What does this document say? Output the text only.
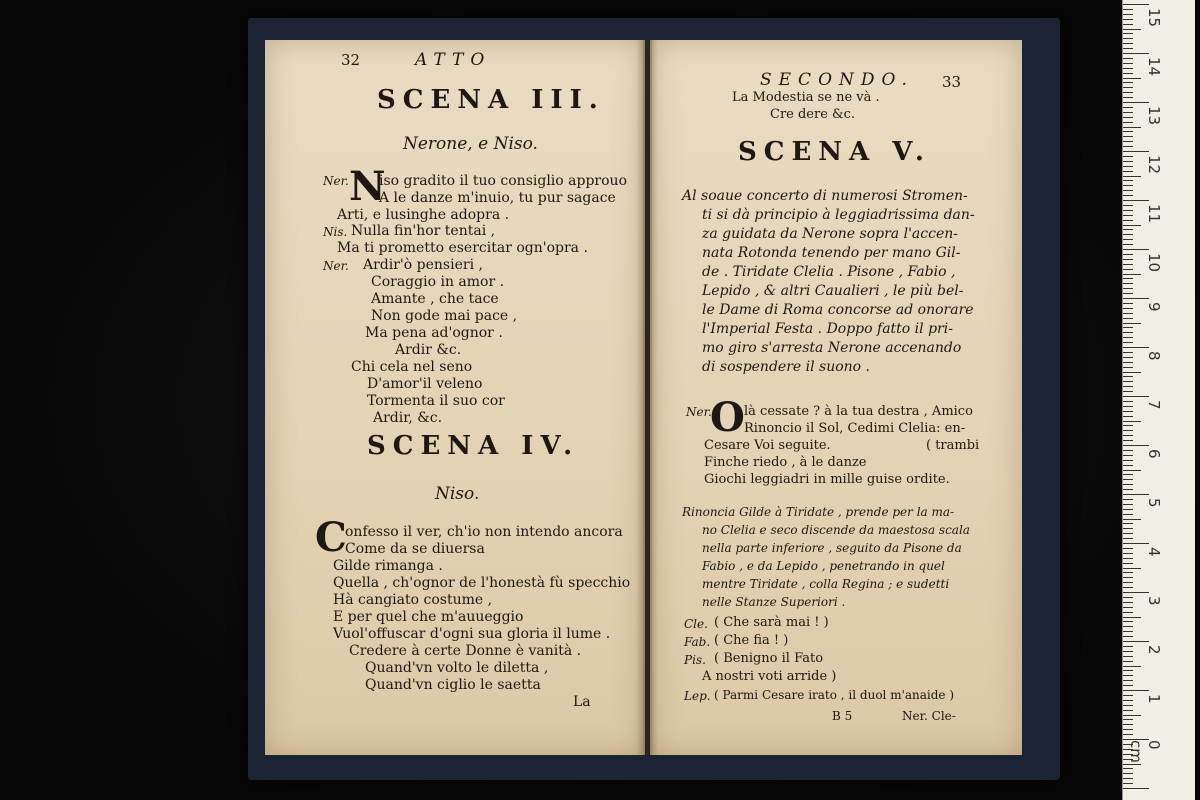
32	ATTO
SCENA III.
Nerone, e Niso.
Ner. N
iso gradito il tuo consiglio approuo
A le danze m'inuio, tu pur sagace
Arti, e lusinghe adopra .
Nis. Nulla fin'hor tentai ,
Ma ti prometto esercitar ogn'opra .
Ner. Ardir'ò pensieri ,
Coraggio in amor .
Amante , che tace
Non gode mai pace ,
Ma pena ad'ognor .
Ardir &c.
Chi cela nel seno
D'amor'il veleno
Tormenta il suo cor
Ardir, &c.
SCENA IV.
Niso.
C
onfesso il ver, ch'io non intendo ancora
Come da se diuersa
Gilde rimanga .
Quella , ch'ognor de l'honestà fù specchio
Hà cangiato costume ,
E per quel che m'auueggio
Vuol'offuscar d'ogni sua gloria il lume .
Credere à certe Donne è vanità .
Quand'vn volto le diletta ,
Quand'vn ciglio le saetta
La
SECONDO. 33
La Modestia se ne và .
Cre dere &c.
SCENA V.
Al soaue concerto di numerosi Stromen-
ti si dà principio à leggiadrissima dan-
za guidata da Nerone sopra l'accen-
nata Rotonda tenendo per mano Gil-
de . Tiridate Clelia . Pisone , Fabio ,
Lepido , & altri Caualieri , le più bel-
le Dame di Roma concorse ad onorare
l'Imperial Festa . Doppo fatto il pri-
mo giro s'arresta Nerone accenando
di sospendere il suono .
Ner.
O là cessate ? à la tua destra , Amico
Rinoncio il Sol, Cedimi Clelia: en-
Cesare Voi seguite.	( trambi
Finche riedo , à le danze
Giochi leggiadri in mille guise ordite.
Rinoncia Gilde à Tiridate , prende per la ma-
no Clelia e seco discende da maestosa scala
nella parte inferiore , seguito da Pisone da
Fabio , e da Lepido , penetrando in quel
mentre Tiridate , colla Regina ; e sudetti
nelle Stanze Superiori .
Cle. ( Che sarà mai ! )
Fab. ( Che fia ! )
Pis. ( Benigno il Fato
A nostri voti arride )
Lep. ( Parmi Cesare irato , il duol m'anaide )
B 5	Ner. Cle-
15
14
13
12
11
10
9
8
7
6
5
4
3
2
1
0 cm
